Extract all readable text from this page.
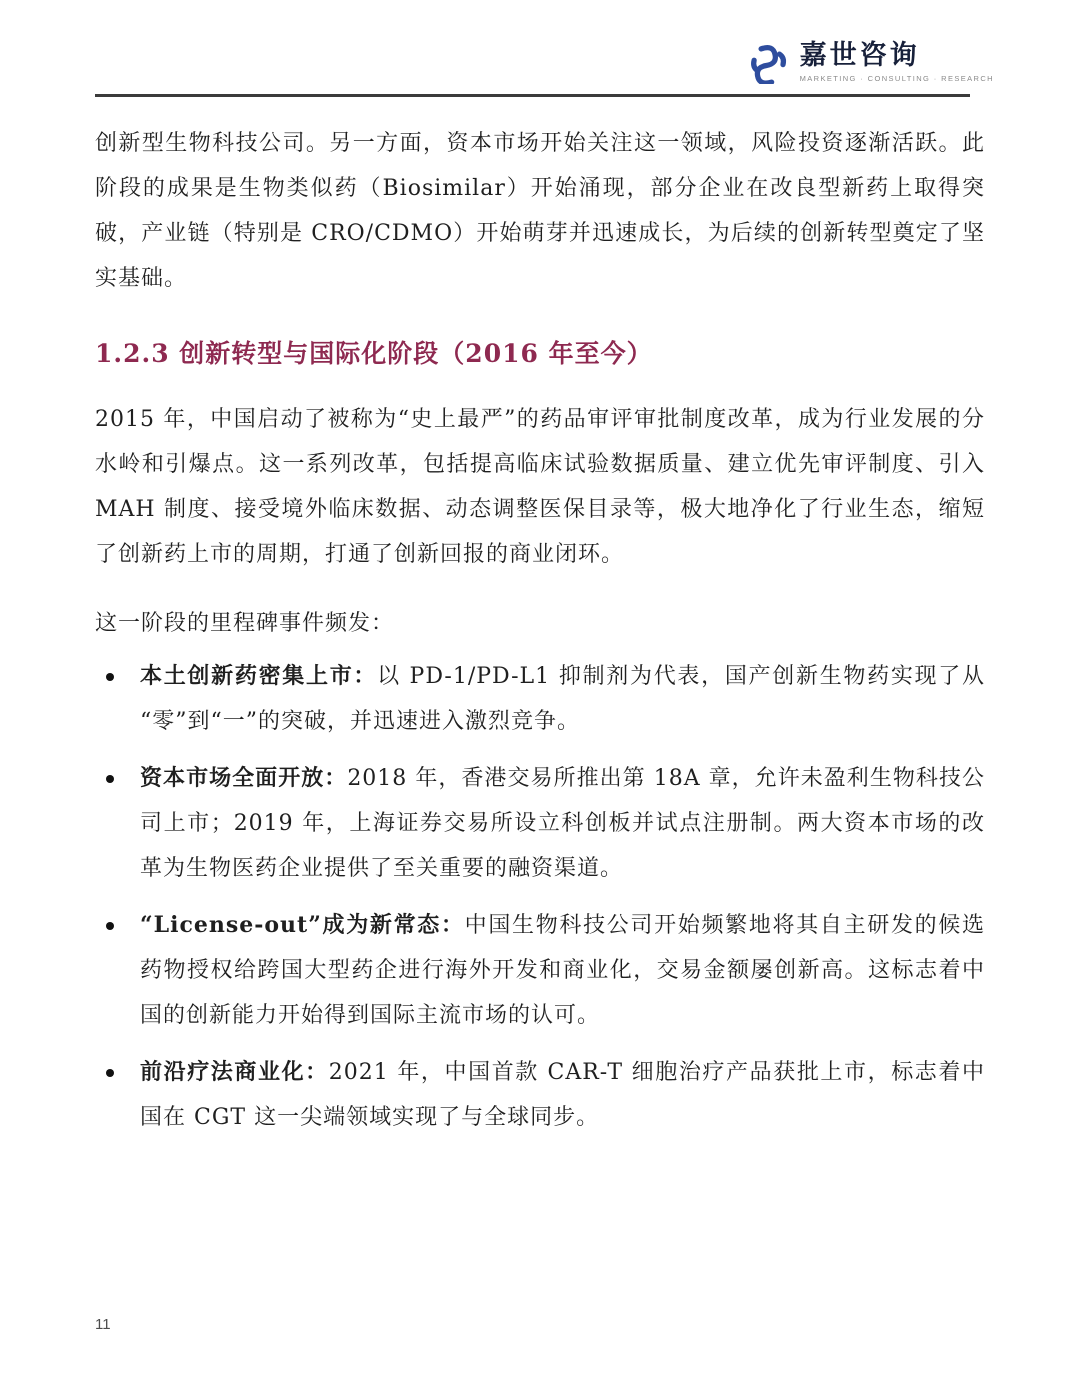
嘉世咨询
MARKETING · CONSULTING · RESEARCH

创新型生物科技公司。另一方面，资本市场开始关注这一领域，风险投资逐渐活跃。此阶段的成果是生物类似药（Biosimilar）开始涌现，部分企业在改良型新药上取得突破，产业链（特别是 CRO/CDMO）开始萌芽并迅速成长，为后续的创新转型奠定了坚实基础。

1.2.3 创新转型与国际化阶段（2016 年至今）

2015 年，中国启动了被称为“史上最严”的药品审评审批制度改革，成为行业发展的分水岭和引爆点。这一系列改革，包括提高临床试验数据质量、建立优先审评制度、引入 MAH 制度、接受境外临床数据、动态调整医保目录等，极大地净化了行业生态，缩短了创新药上市的周期，打通了创新回报的商业闭环。

这一阶段的里程碑事件频发：

本土创新药密集上市：以 PD-1/PD-L1 抑制剂为代表，国产创新生物药实现了从“零”到“一”的突破，并迅速进入激烈竞争。
资本市场全面开放：2018 年，香港交易所推出第 18A 章，允许未盈利生物科技公司上市；2019 年，上海证券交易所设立科创板并试点注册制。两大资本市场的改革为生物医药企业提供了至关重要的融资渠道。
“License-out”成为新常态：中国生物科技公司开始频繁地将其自主研发的候选药物授权给跨国大型药企进行海外开发和商业化，交易金额屡创新高。这标志着中国的创新能力开始得到国际主流市场的认可。
前沿疗法商业化：2021 年，中国首款 CAR-T 细胞治疗产品获批上市，标志着中国在 CGT 这一尖端领域实现了与全球同步。
11
